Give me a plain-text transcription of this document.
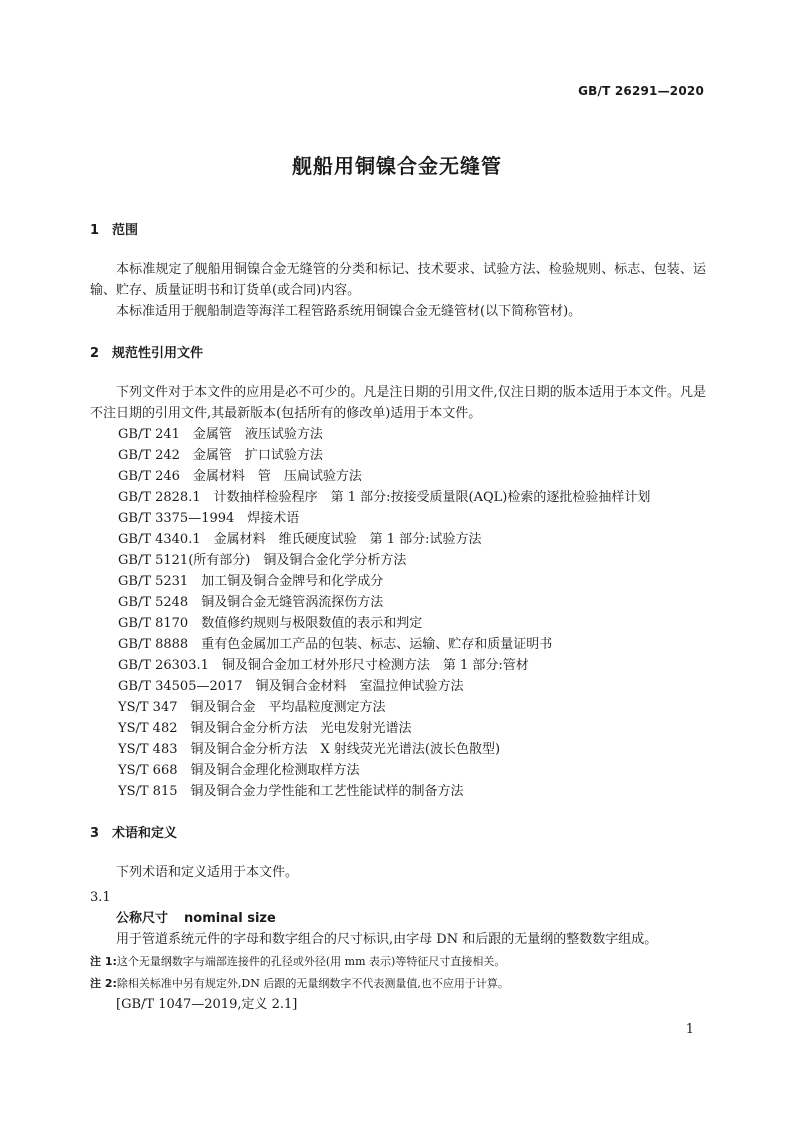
GB/T 26291—2020
舰船用铜镍合金无缝管
1 范围

本标准规定了舰船用铜镍合金无缝管的分类和标记、技术要求、试验方法、检验规则、标志、包装、运输、贮存、质量证明书和订货单(或合同)内容。

本标准适用于舰船制造等海洋工程管路系统用铜镍合金无缝管材(以下简称管材)。

2 规范性引用文件

下列文件对于本文件的应用是必不可少的。凡是注日期的引用文件,仅注日期的版本适用于本文件。凡是不注日期的引用文件,其最新版本(包括所有的修改单)适用于本文件。

GB/T 241　金属管　液压试验方法
GB/T 242　金属管　扩口试验方法
GB/T 246　金属材料　管　压扁试验方法
GB/T 2828.1　计数抽样检验程序　第 1 部分:按接受质量限(AQL)检索的逐批检验抽样计划
GB/T 3375—1994　焊接术语
GB/T 4340.1　金属材料　维氏硬度试验　第 1 部分:试验方法
GB/T 5121(所有部分)　铜及铜合金化学分析方法
GB/T 5231　加工铜及铜合金牌号和化学成分
GB/T 5248　铜及铜合金无缝管涡流探伤方法
GB/T 8170　数值修约规则与极限数值的表示和判定
GB/T 8888　重有色金属加工产品的包装、标志、运输、贮存和质量证明书
GB/T 26303.1　铜及铜合金加工材外形尺寸检测方法　第 1 部分:管材
GB/T 34505—2017　铜及铜合金材料　室温拉伸试验方法
YS/T 347　铜及铜合金　平均晶粒度测定方法
YS/T 482　铜及铜合金分析方法　光电发射光谱法
YS/T 483　铜及铜合金分析方法　X 射线荧光光谱法(波长色散型)
YS/T 668　铜及铜合金理化检测取样方法
YS/T 815　铜及铜合金力学性能和工艺性能试样的制备方法
3 术语和定义

下列术语和定义适用于本文件。

3.1
公称尺寸 nominal size

用于管道系统元件的字母和数字组合的尺寸标识,由字母 DN 和后跟的无量纲的整数数字组成。

注 1:这个无量纲数字与端部连接件的孔径或外径(用 mm 表示)等特征尺寸直接相关。

注 2:除相关标准中另有规定外,DN 后跟的无量纲数字不代表测量值,也不应用于计算。

[GB/T 1047—2019,定义 2.1]

1
